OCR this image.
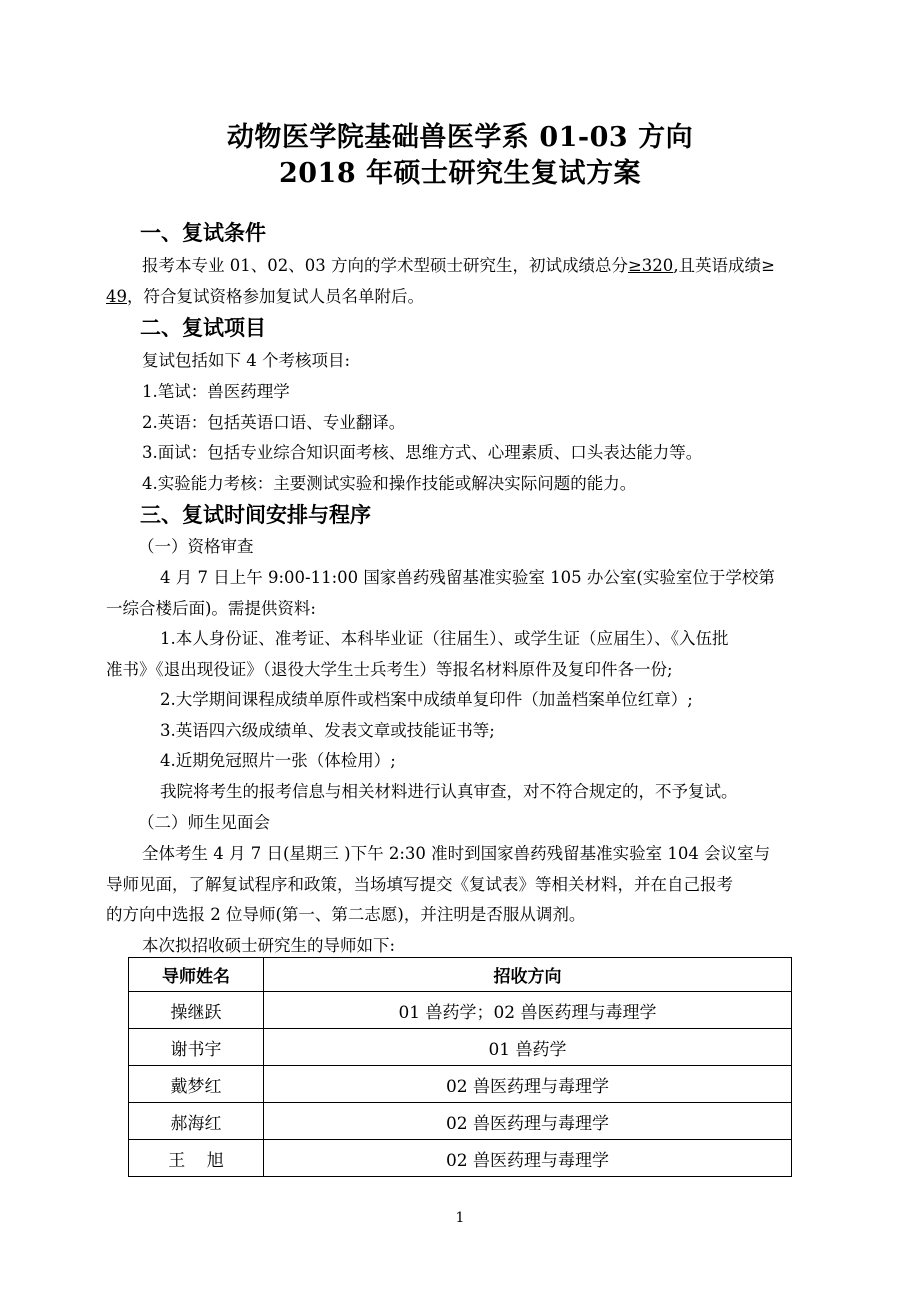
动物医学院基础兽医学系 01-03 方向
2018 年硕士研究生复试方案
一、复试条件
报考本专业 01、02、03 方向的学术型硕士研究生，初试成绩总分≥320,且英语成绩≥
49，符合复试资格参加复试人员名单附后。
二、复试项目
复试包括如下 4 个考核项目:
1.笔试：兽医药理学
2.英语：包括英语口语、专业翻译。
3.面试：包括专业综合知识面考核、思维方式、心理素质、口头表达能力等。
4.实验能力考核：主要测试实验和操作技能或解决实际问题的能力。
三、复试时间安排与程序
（一）资格审查
4 月 7 日上午 9:00-11:00 国家兽药残留基准实验室 105 办公室(实验室位于学校第
一综合楼后面)。需提供资料:
1.本人身份证、准考证、本科毕业证（往届生）、或学生证（应届生）、《入伍批
准书》《退出现役证》（退役大学生士兵考生）等报名材料原件及复印件各一份;
2.大学期间课程成绩单原件或档案中成绩单复印件（加盖档案单位红章）;
3.英语四六级成绩单、发表文章或技能证书等;
4.近期免冠照片一张（体检用）;
我院将考生的报考信息与相关材料进行认真审查，对不符合规定的，不予复试。
（二）师生见面会
全体考生 4 月 7 日(星期三 )下午 2:30 准时到国家兽药残留基准实验室 104 会议室与
导师见面，了解复试程序和政策，当场填写提交《复试表》等相关材料，并在自己报考
的方向中选报 2 位导师(第一、第二志愿)，并注明是否服从调剂。
本次拟招收硕士研究生的导师如下:
导师姓名	招收方向
操继跃	01 兽药学；02 兽医药理与毒理学
谢书宇	01 兽药学
戴梦红	02 兽医药理与毒理学
郝海红	02 兽医药理与毒理学
王    旭	02 兽医药理与毒理学
1
